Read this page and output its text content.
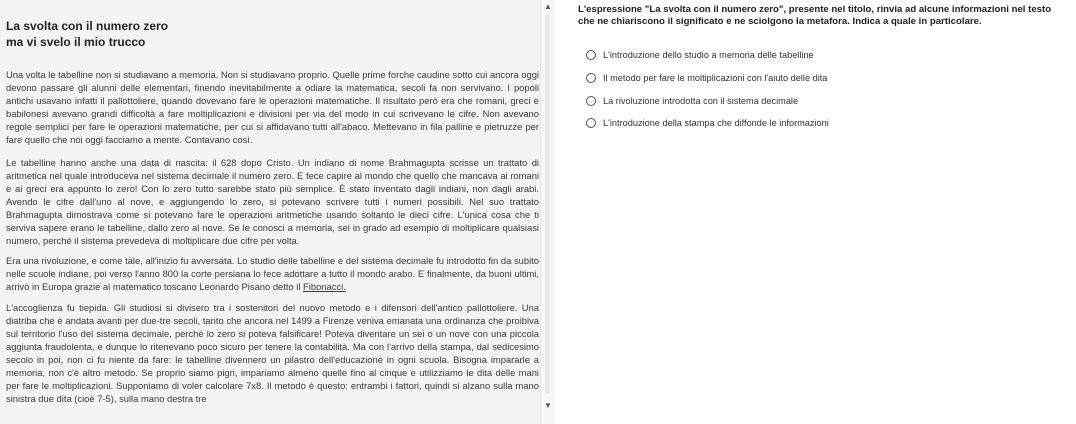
La svolta con il numero zero
ma vi svelo il mio trucco

Una volta le tabelline non si studiavano a memoria. Non si studiavano proprio. Quelle prime forche caudine sotto cui ancora oggi devono passare gli alunni delle elementari, finendo inevitabilmente a odiare la matematica, secoli fa non servivano. I popoli antichi usavano infatti il pallottoliere, quando dovevano fare le operazioni matematiche. Il risultato però era che romani, greci e babilonesi avevano grandi difficoltà a fare moltiplicazioni e divisioni per via del modo in cui scrivevano le cifre. Non avevano regole semplici per fare le operazioni matematiche, per cui si affidavano tutti all'abaco. Mettevano in fila palline e pietruzze per fare quello che noi oggi facciamo a mente. Contavano così.

Le tabelline hanno anche una data di nascita: il 628 dopo Cristo. Un indiano di nome Brahmagupta scrisse un trattato di aritmetica nel quale introduceva nel sistema decimale il numero zero. E fece capire al mondo che quello che mancava ai romani e ai greci era appunto lo zero! Con lo zero tutto sarebbe stato più semplice. È stato inventato dagli indiani, non dagli arabi. Avendo le cifre dall'uno al nove, e aggiungendo lo zero, si potevano scrivere tutti i numeri possibili. Nel suo trattato Brahmagupta dimostrava come si potevano fare le operazioni aritmetiche usando soltanto le dieci cifre. L'unica cosa che ti serviva sapere erano le tabelline, dallo zero al nove. Se le conosci a memoria, sei in grado ad esempio di moltiplicare qualsiasi numero, perché il sistema prevedeva di moltiplicare due cifre per volta.

Era una rivoluzione, e come tale, all'inizio fu avversata. Lo studio delle tabelline e del sistema decimale fu introdotto fin da subito nelle scuole indiane, poi verso l'anno 800 la corte persiana lo fece adottare a tutto il mondo arabo. E finalmente, da buoni ultimi, arrivò in Europa grazie al matematico toscano Leonardo Pisano detto il Fibonacci.

L'accoglienza fu tiepida. Gli studiosi si divisero tra i sostenitori del nuovo metodo e i difensori dell'antico pallottoliere. Una diatriba che è andata avanti per due-tre secoli, tanto che ancora nel 1499 a Firenze veniva emanata una ordinanza che proibiva sul territorio l'uso del sistema decimale, perché lo zero si poteva falsificare! Poteva diventare un sei o un nove con una piccola aggiunta fraudolenta, e dunque lo ritenevano poco sicuro per tenere la contabilità. Ma con l'arrivo della stampa, dal sedicesimo secolo in poi, non ci fu niente da fare: le tabelline divennero un pilastro dell'educazione in ogni scuola. Bisogna impararle a memoria, non c'è altro metodo. Se proprio siamo pigri, impariamo almeno quelle fino al cinque e utilizziamo le dita delle mani per fare le moltiplicazioni. Supponiamo di voler calcolare 7x8. Il metodo è questo: entrambi i fattori, quindi si alzano sulla mano sinistra due dita (cioè 7-5), sulla mano destra tre

▲
▼
L'espressione "La svolta con il numero zero", presente nel titolo, rinvia ad alcune informazioni nel testo che ne chiariscono il significato e ne sciolgono la metafora. Indica a quale in particolare.
L'introduzione dello studio a memoria delle tabelline
Il metodo per fare le moltiplicazioni con l'aiuto delle dita
La rivoluzione introdotta con il sistema decimale
L'introduzione della stampa che diffonde le informazioni
